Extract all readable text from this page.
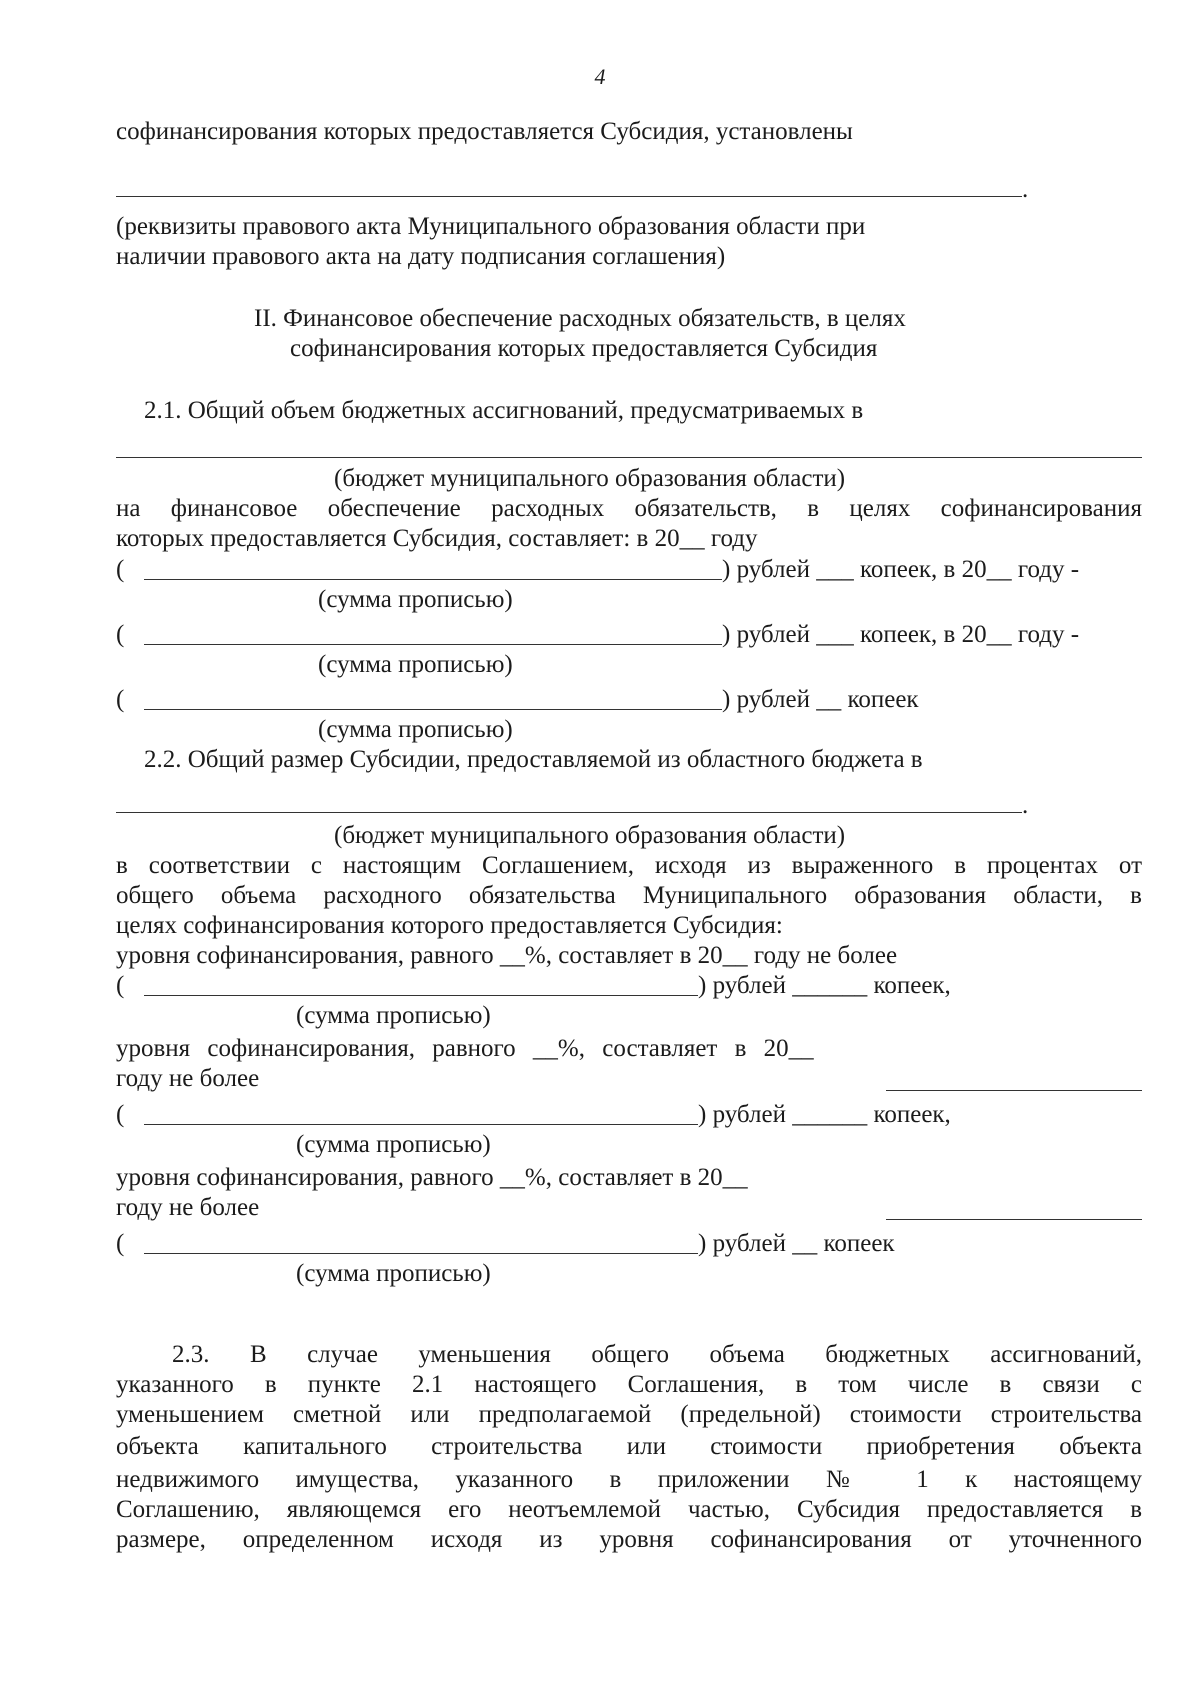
4
софинансирования которых предоставляется Субсидия, установлены
.
(реквизиты правового акта Муниципального образования области при
наличии правового акта на дату подписания соглашения)
II. Финансовое обеспечение расходных обязательств, в целях
софинансирования которых предоставляется Субсидия
2.1. Общий объем бюджетных ассигнований, предусматриваемых в
(бюджет муниципального образования области)
на финансовое обеспечение расходных обязательств, в целях софинансирования
которых предоставляется Субсидия, составляет: в 20__ году
(	) рублей ___ копеек, в 20__ году -
(сумма прописью)
(	) рублей ___ копеек, в 20__ году -
(сумма прописью)
(	) рублей __ копеек
(сумма прописью)
2.2. Общий размер Субсидии, предоставляемой из областного бюджета в
.
(бюджет муниципального образования области)
в соответствии с настоящим Соглашением, исходя из выраженного в процентах от
общего объема расходного обязательства Муниципального образования области, в
целях софинансирования которого предоставляется Субсидия:
уровня софинансирования, равного __%, составляет в 20__ году не более
(	) рублей ______ копеек,
(сумма прописью)
уровня софинансирования, равного __%, составляет в 20__
году не более
(	) рублей ______ копеек,
(сумма прописью)
уровня софинансирования, равного __%, составляет в 20__
году не более
(	) рублей __ копеек
(сумма прописью)
2.3. В случае уменьшения общего объема бюджетных ассигнований,
указанного в пункте 2.1 настоящего Соглашения, в том числе в связи с
уменьшением сметной или предполагаемой (предельной) стоимости строительства
объекта капитального строительства или стоимости приобретения объекта
недвижимого имущества, указанного в приложении № 1 к настоящему
Соглашению, являющемся его неотъемлемой частью, Субсидия предоставляется в
размере, определенном исходя из уровня софинансирования от уточненного
